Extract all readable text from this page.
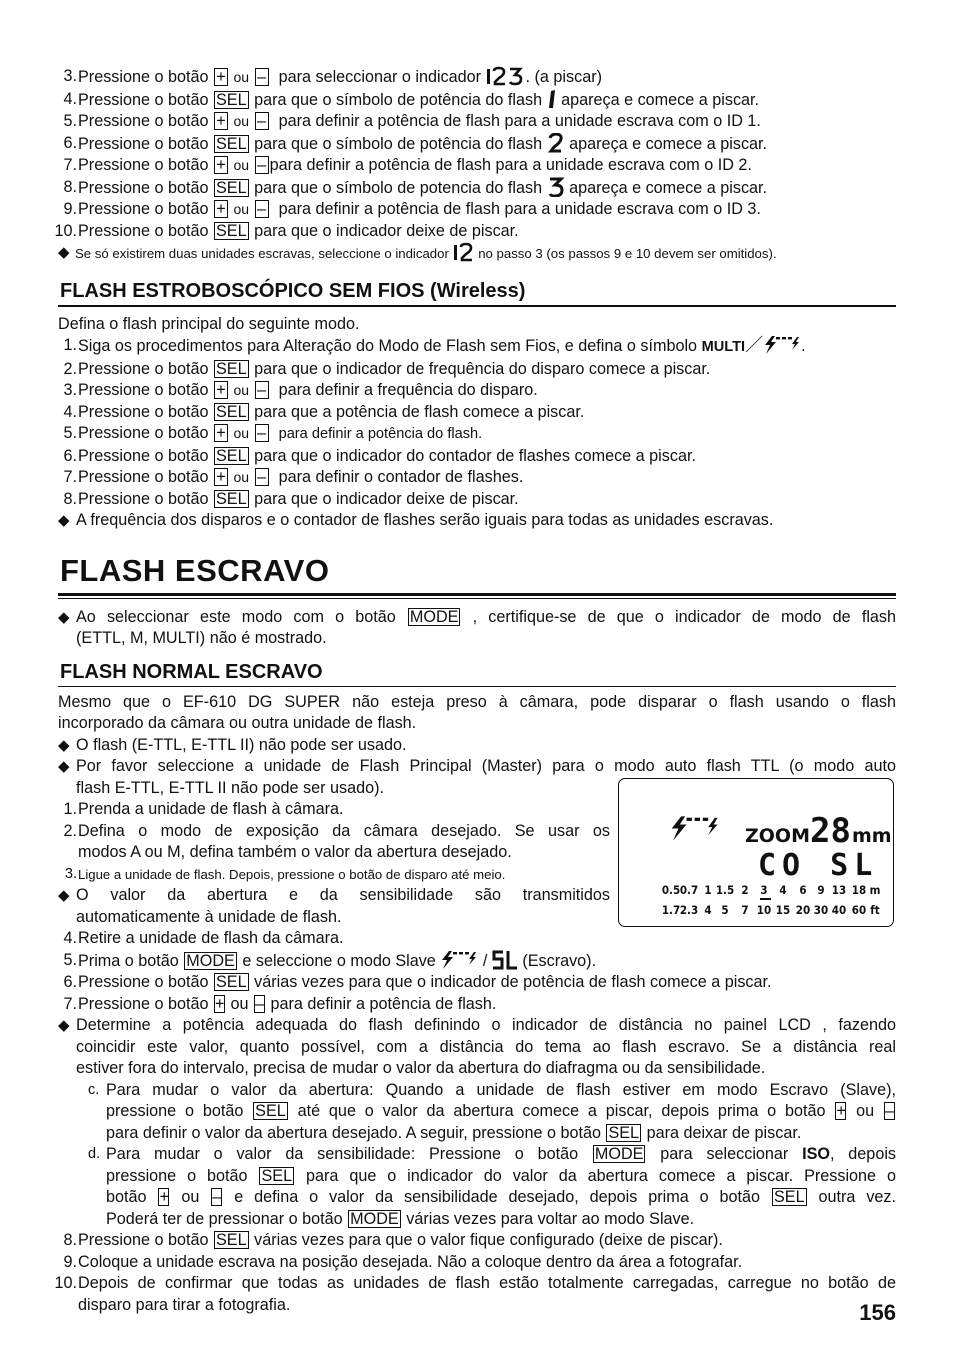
3. Pressione o botão + ou – para seleccionar o indicador	. (a piscar)
4. Pressione o botão SEL para que o símbolo de potência do flash apareça e comece a piscar.
5. Pressione o botão + ou – para definir a potência de flash para a unidade escrava com o ID 1.
6. Pressione o botão SEL para que o símbolo de potência do flash apareça e comece a piscar.
7. Pressione o botão + ou – para definir a potência de flash para a unidade escrava com o ID 2.
8. Pressione o botão SEL para que o símbolo de potencia do flash apareça e comece a piscar.
9. Pressione o botão + ou – para definir a potência de flash para a unidade escrava com o ID 3.
10. Pressione o botão SEL para que o indicador deixe de piscar.
◆ Se só existirem duas unidades escravas, seleccione o indicador no passo 3 (os passos 9 e 10 devem ser omitidos).
FLASH ESTROBOSCÓPICO SEM FIOS (Wireless)
Defina o flash principal do seguinte modo.
1. Siga os procedimentos para Alteração do Modo de Flash sem Fios, e defina o símbolo MULTI／ .
2. Pressione o botão SEL para que o indicador de frequência do disparo comece a piscar.
3. Pressione o botão + ou – para definir a frequência do disparo.
4. Pressione o botão SEL para que a potência de flash comece a piscar.
5. Pressione o botão + ou – para definir a potência do flash.
6. Pressione o botão SEL para que o indicador do contador de flashes comece a piscar.
7. Pressione o botão + ou – para definir o contador de flashes.
8. Pressione o botão SEL para que o indicador deixe de piscar.
◆ A frequência dos disparos e o contador de flashes serão iguais para todas as unidades escravas.
FLASH ESCRAVO
◆ Ao seleccionar este modo com o botão MODE , certifique-se de que o indicador de modo de flash
(ETTL, M, MULTI) não é mostrado.
FLASH NORMAL ESCRAVO
Mesmo que o EF-610 DG SUPER não esteja preso à câmara, pode disparar o flash usando o flash
incorporado da câmara ou outra unidade de flash.
◆ O flash (E-TTL, E-TTL II) não pode ser usado.
◆ Por favor seleccione a unidade de Flash Principal (Master) para o modo auto flash TTL (o modo auto
flash E-TTL, E-TTL II não pode ser usado).
1. Prenda a unidade de flash à câmara.
2. Defina o modo de exposição da câmara desejado. Se usar os
modos A ou M, defina também o valor da abertura desejado.
3. Ligue a unidade de flash. Depois, pressione o botão de disparo até meio.
◆ O valor da abertura e da sensibilidade são transmitidos
automaticamente à unidade de flash.
4. Retire a unidade de flash da câmara.
5. Prima o botão MODE e seleccione o modo Slave	/ (Escravo).
6. Pressione o botão SEL várias vezes para que o indicador de potência de flash comece a piscar.
7. Pressione o botão + ou – para definir a potência de flash.
◆ Determine a potência adequada do flash definindo o indicador de distância no painel LCD , fazendo
coincidir este valor, quanto possível, com a distância do tema ao flash escravo. Se a distância real
estiver fora do intervalo, precisa de mudar o valor da abertura do diafragma ou da sensibilidade.
c. Para mudar o valor da abertura: Quando a unidade de flash estiver em modo Escravo (Slave),
pressione o botão SEL até que o valor da abertura comece a piscar, depois prima o botão + ou –
para definir o valor da abertura desejado. A seguir, pressione o botão SEL para deixar de piscar.
d. Para mudar o valor da sensibilidade: Pressione o botão MODE para seleccionar ISO, depois
pressione o botão SEL para que o indicador do valor da abertura comece a piscar. Pressione o
botão + ou – e defina o valor da sensibilidade desejado, depois prima o botão SEL outra vez.
Poderá ter de pressionar o botão MODE várias vezes para voltar ao modo Slave.
8. Pressione o botão SEL várias vezes para que o valor fique configurado (deixe de piscar).
9. Coloque a unidade escrava na posição desejada. Não a coloque dentro da área a fotografar.
10. Depois de confirmar que todas as unidades de flash estão totalmente carregadas, carregue no botão de
disparo para tirar a fotografia.
ZOOM 28 mm
CO SL
0.5 0.7 1 1.5 2 3 4 6 9 13 18 m
1.7 2.3 4 5 7 10 15 20 30 40 60 ft
156
